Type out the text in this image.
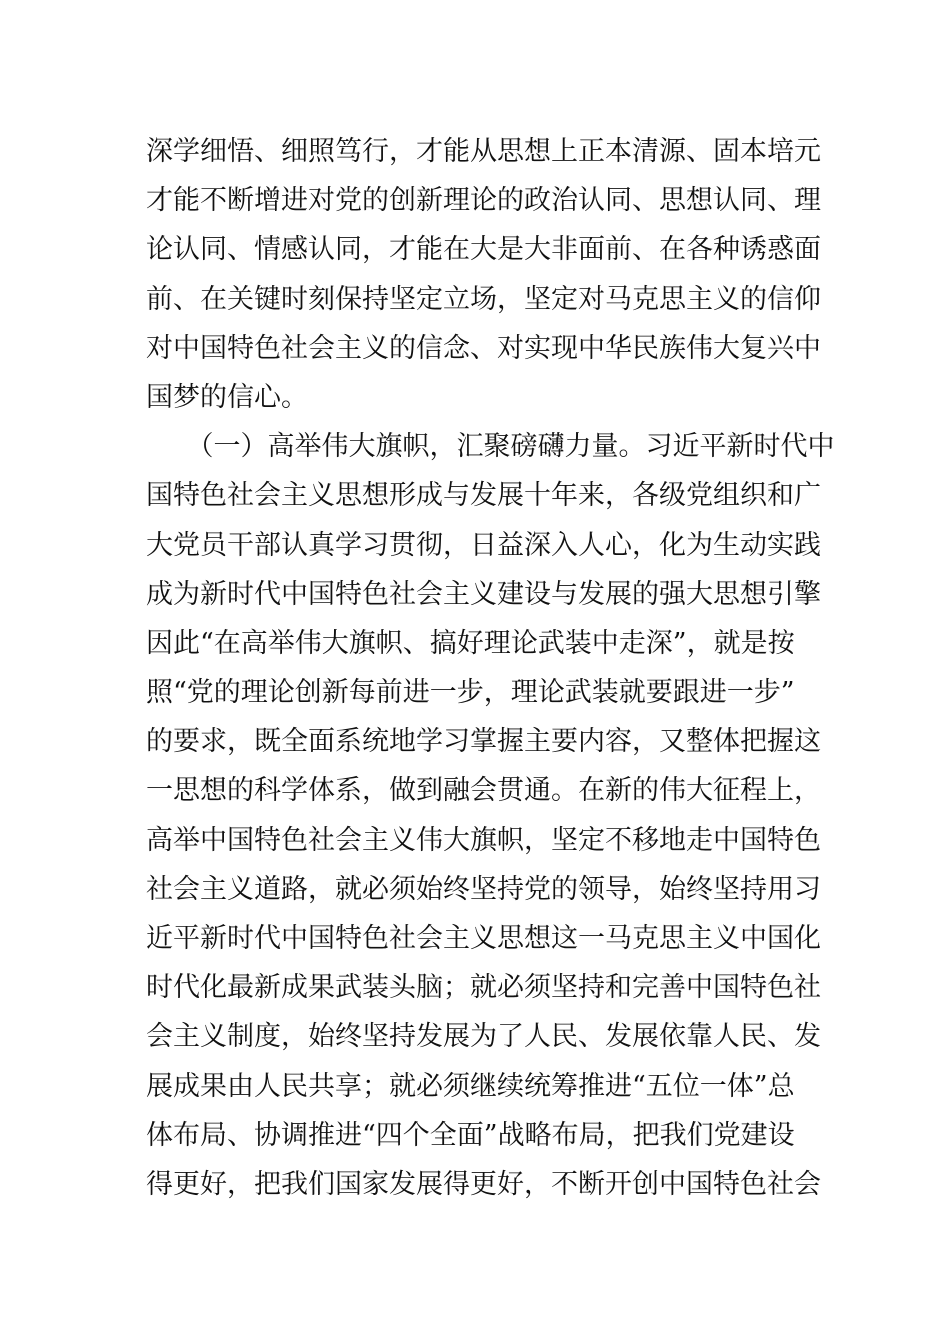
深学细悟、细照笃行，才能从思想上正本清源、固本培元
才能不断增进对党的创新理论的政治认同、思想认同、理
论认同、情感认同，才能在大是大非面前、在各种诱惑面
前、在关键时刻保持坚定立场，坚定对马克思主义的信仰
对中国特色社会主义的信念、对实现中华民族伟大复兴中
国梦的信心。
　　（一）高举伟大旗帜，汇聚磅礴力量。习近平新时代中
国特色社会主义思想形成与发展十年来，各级党组织和广
大党员干部认真学习贯彻，日益深入人心，化为生动实践
成为新时代中国特色社会主义建设与发展的强大思想引擎
因此“在高举伟大旗帜、搞好理论武装中走深”，就是按
照“党的理论创新每前进一步，理论武装就要跟进一步”
的要求，既全面系统地学习掌握主要内容，又整体把握这
一思想的科学体系，做到融会贯通。在新的伟大征程上，
高举中国特色社会主义伟大旗帜，坚定不移地走中国特色
社会主义道路，就必须始终坚持党的领导，始终坚持用习
近平新时代中国特色社会主义思想这一马克思主义中国化
时代化最新成果武装头脑；就必须坚持和完善中国特色社
会主义制度，始终坚持发展为了人民、发展依靠人民、发
展成果由人民共享；就必须继续统筹推进“五位一体”总
体布局、协调推进“四个全面”战略布局，把我们党建设
得更好，把我们国家发展得更好，不断开创中国特色社会
